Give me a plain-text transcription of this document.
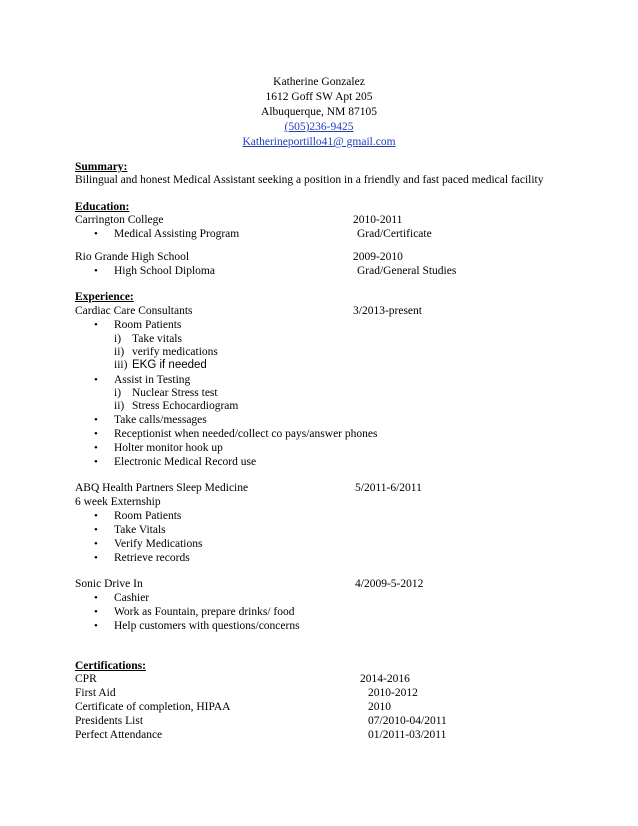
Katherine Gonzalez
1612 Goff SW Apt 205
Albuquerque, NM 87105
(505)236-9425
Katherineportillo41@ gmail.com
Summary:
Bilingual and honest Medical Assistant seeking a position in a friendly and fast paced medical facility
Education:
Carrington College	2010-2011
• Medical Assisting Program	Grad/Certificate
Rio Grande High School	2009-2010
• High School Diploma	Grad/General Studies
Experience:
Cardiac Care Consultants	3/2013-present
• Room Patients
i) Take vitals
ii) verify medications
iii) EKG if needed
• Assist in Testing
i) Nuclear Stress test
ii) Stress Echocardiogram
• Take calls/messages
• Receptionist when needed/collect co pays/answer phones
• Holter monitor hook up
• Electronic Medical Record use
ABQ Health Partners Sleep Medicine	5/2011-6/2011
6 week Externship
• Room Patients
• Take Vitals
• Verify Medications
• Retrieve records
Sonic Drive In	4/2009-5-2012
• Cashier
• Work as Fountain, prepare drinks/ food
• Help customers with questions/concerns
Certifications:
CPR	2014-2016
First Aid	2010-2012
Certificate of completion, HIPAA	2010
Presidents List	07/2010-04/2011
Perfect Attendance	01/2011-03/2011
